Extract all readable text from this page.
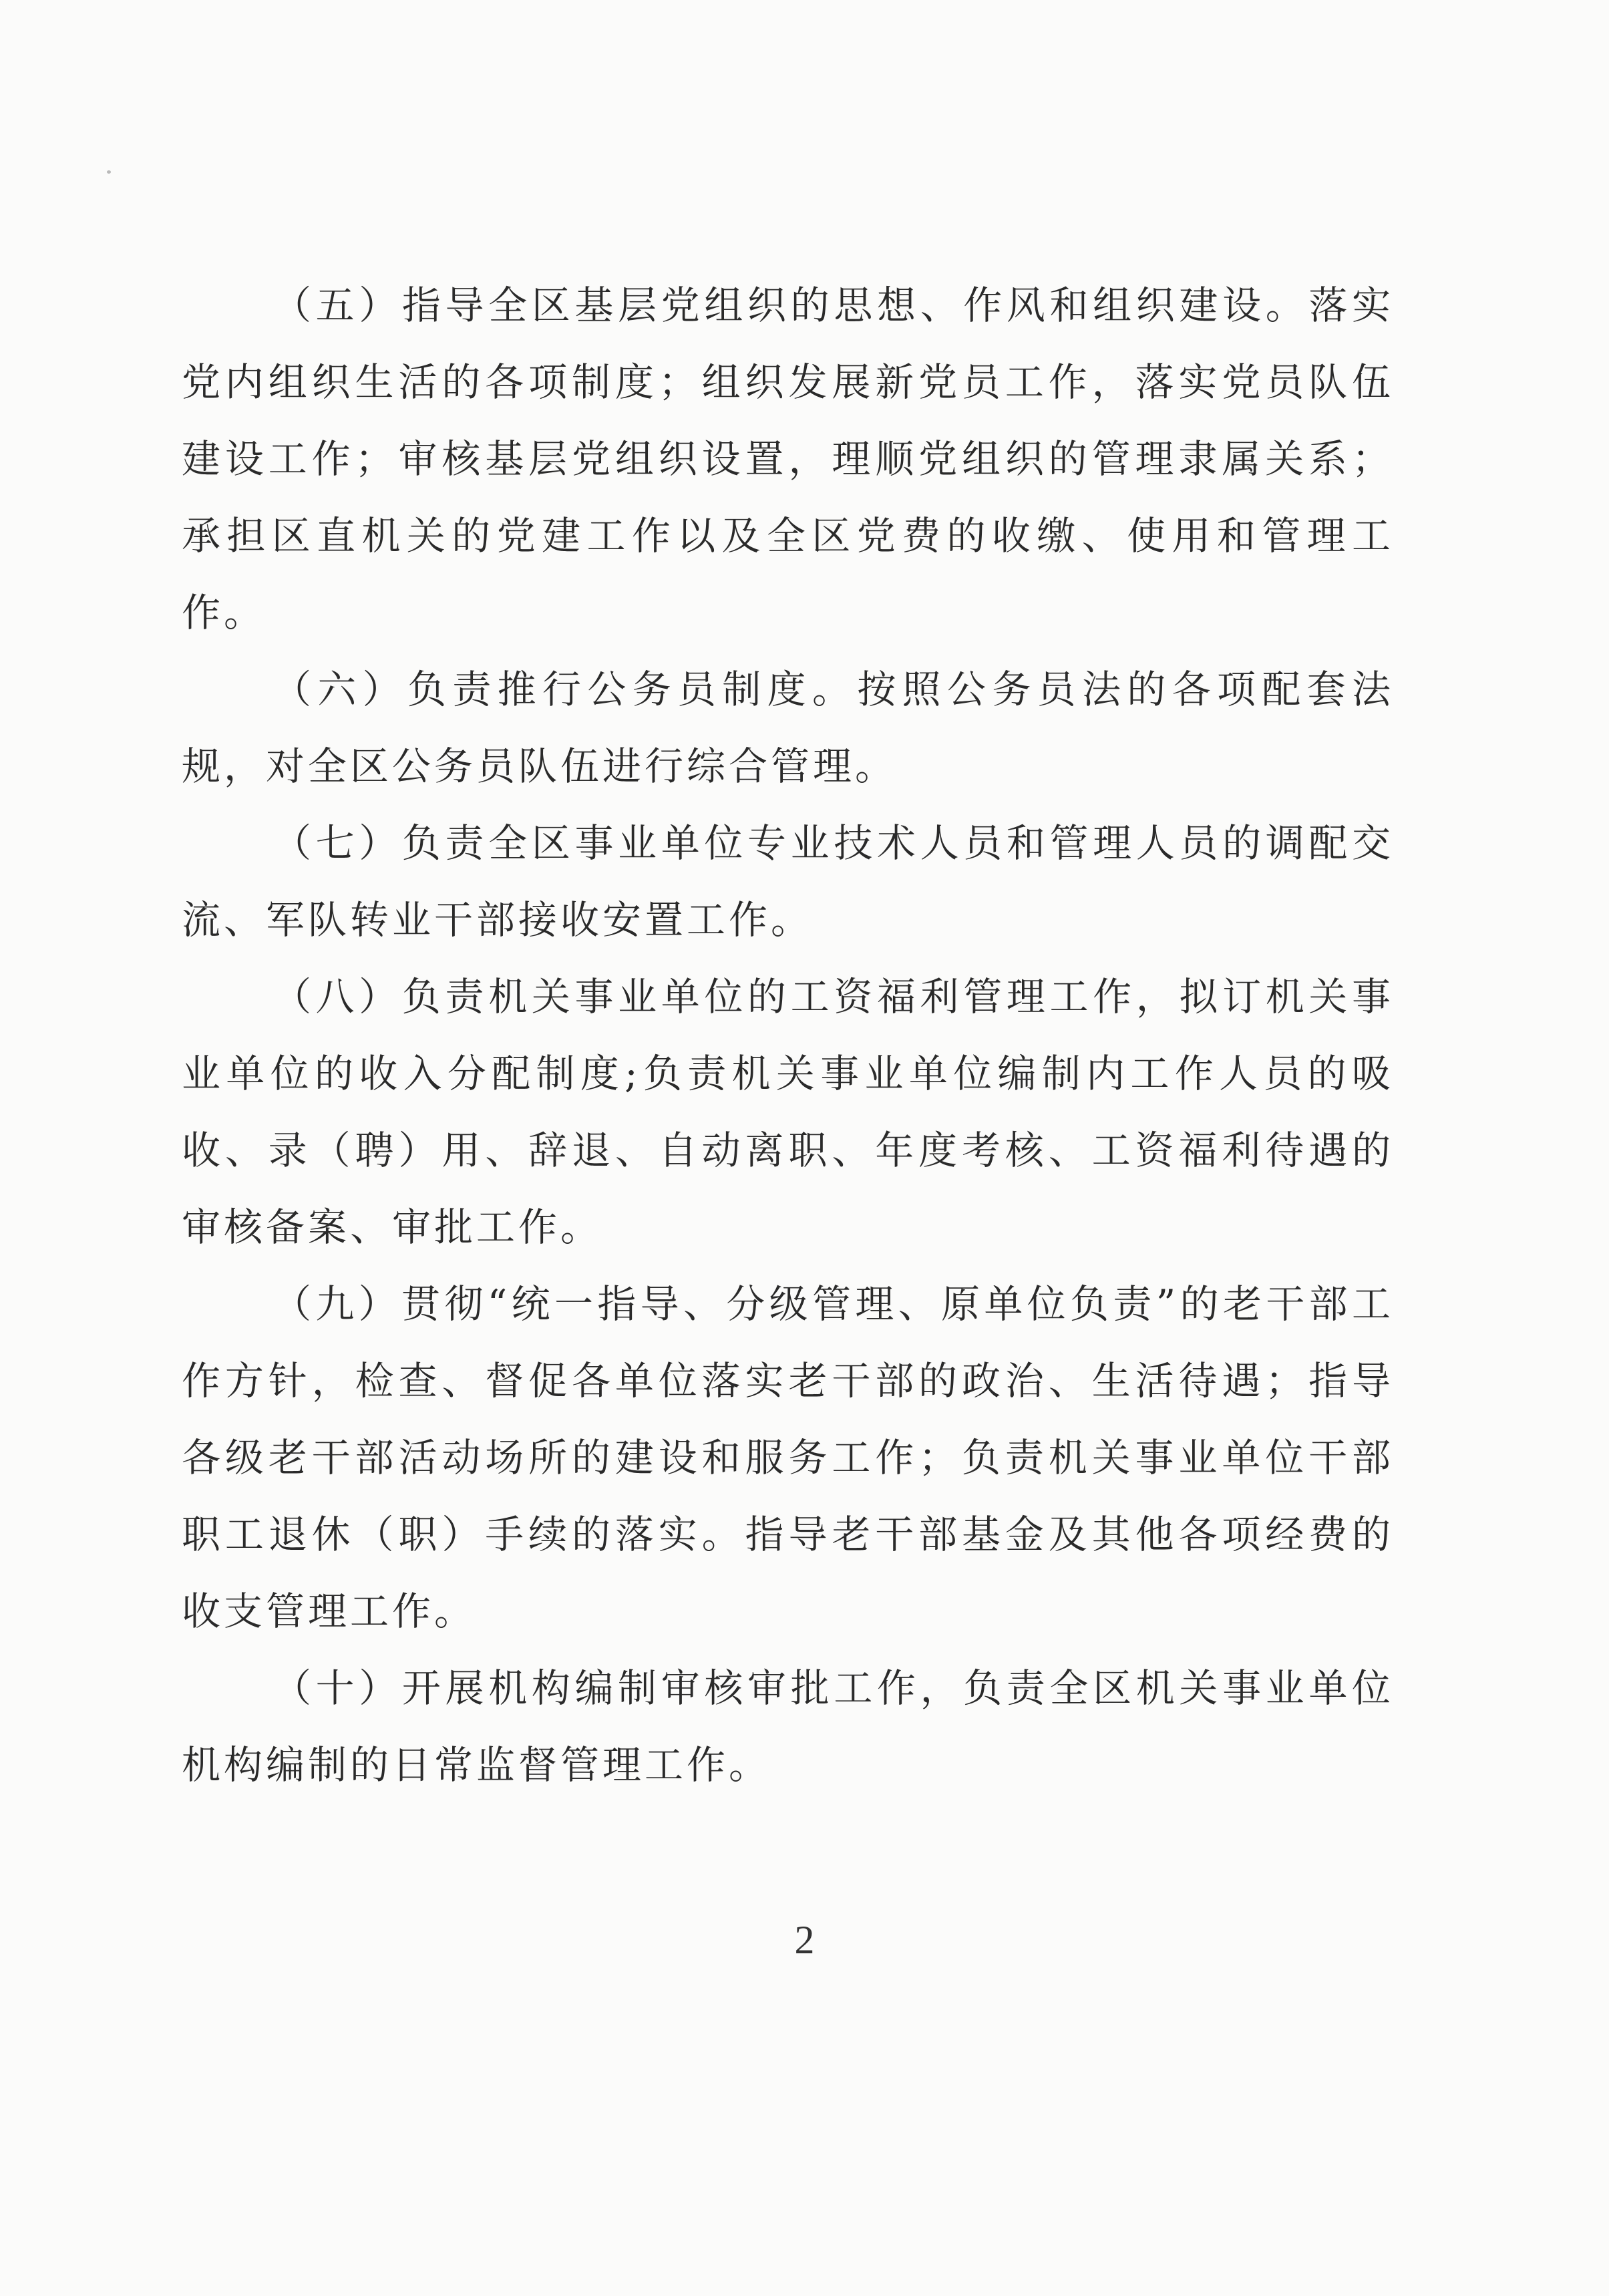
（五）指导全区基层党组织的思想、作风和组织建设。落实党内组织生活的各项制度；组织发展新党员工作，落实党员队伍建设工作；审核基层党组织设置，理顺党组织的管理隶属关系；承担区直机关的党建工作以及全区党费的收缴、使用和管理工作。

（六）负责推行公务员制度。按照公务员法的各项配套法规，对全区公务员队伍进行综合管理。

（七）负责全区事业单位专业技术人员和管理人员的调配交流、军队转业干部接收安置工作。

（八）负责机关事业单位的工资福利管理工作，拟订机关事业单位的收入分配制度;负责机关事业单位编制内工作人员的吸收、录（聘）用、辞退、自动离职、年度考核、工资福利待遇的审核备案、审批工作。

（九）贯彻“统一指导、分级管理、原单位负责”的老干部工作方针，检查、督促各单位落实老干部的政治、生活待遇；指导各级老干部活动场所的建设和服务工作；负责机关事业单位干部职工退休（职）手续的落实。指导老干部基金及其他各项经费的收支管理工作。

（十）开展机构编制审核审批工作，负责全区机关事业单位机构编制的日常监督管理工作。

2
